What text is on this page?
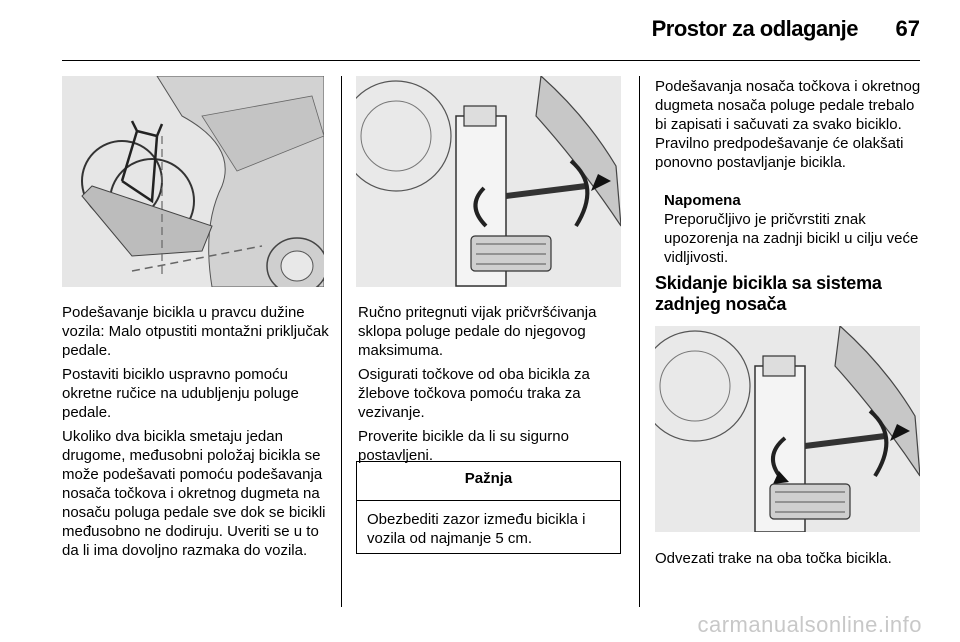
Prostor za odlaganje 67

Podešavanje bicikla u pravcu dužine vozila: Malo otpustiti montažni priključak pedale.

Postaviti biciklo uspravno pomoću okretne ručice na udubljenju poluge pedale.

Ukoliko dva bicikla smetaju jedan drugome, međusobni položaj bicikla se može podešavati pomoću podešavanja nosača točkova i okretnog dugmeta na nosaču poluga pedale sve dok se bicikli međusobno ne dodiruju. Uveriti se u to da li ima dovoljno razmaka do vozila.

Ručno pritegnuti vijak pričvršćivanja sklopa poluge pedale do njegovog maksimuma.

Osigurati točkove od oba bicikla za žlebove točkova pomoću traka za vezivanje.

Proverite bicikle da li su sigurno postavljeni.

Pažnja
Obezbediti zazor između bicikla i vozila od najmanje 5 cm.

Podešavanja nosača točkova i okretnog dugmeta nosača poluge pedale trebalo bi zapisati i sačuvati za svako biciklo. Pravilno predpodešavanje će olakšati ponovno postavljanje bicikla.

Napomena
Preporučljivo je pričvrstiti znak upozorenja na zadnji bicikl u cilju veće vidljivosti.
Skidanje bicikla sa sistema zadnjeg nosača

Odvezati trake na oba točka bicikla.

carmanualsonline.info
